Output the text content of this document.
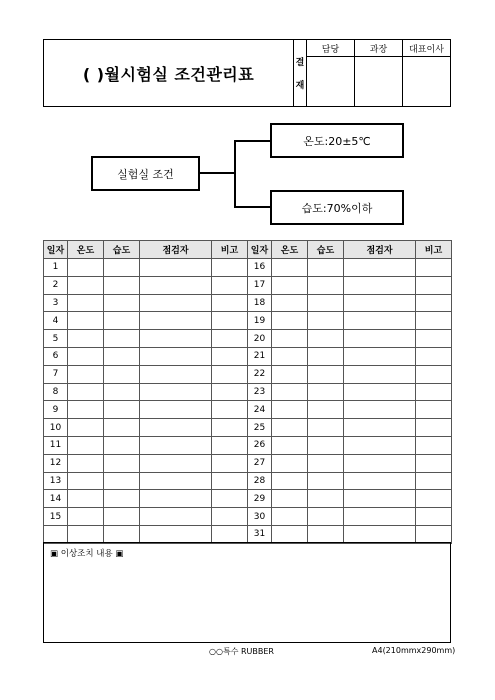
( )월시험실 조건관리표
결
재
담당	과장	대표이사
실험실 조건
온도:20±5℃
습도:70%이하
일자	온도	습도	점검자	비고	일자	온도	습도	점검자	비고
1					16				
2					17				
3					18				
4					19				
5					20				
6					21				
7					22				
8					23				
9					24				
10					25				
11					26				
12					27				
13					28				
14					29				
15					30				
					31				
▣ 이상조치 내용 ▣
○○특수 RUBBER	A4(210mmx290mm)
